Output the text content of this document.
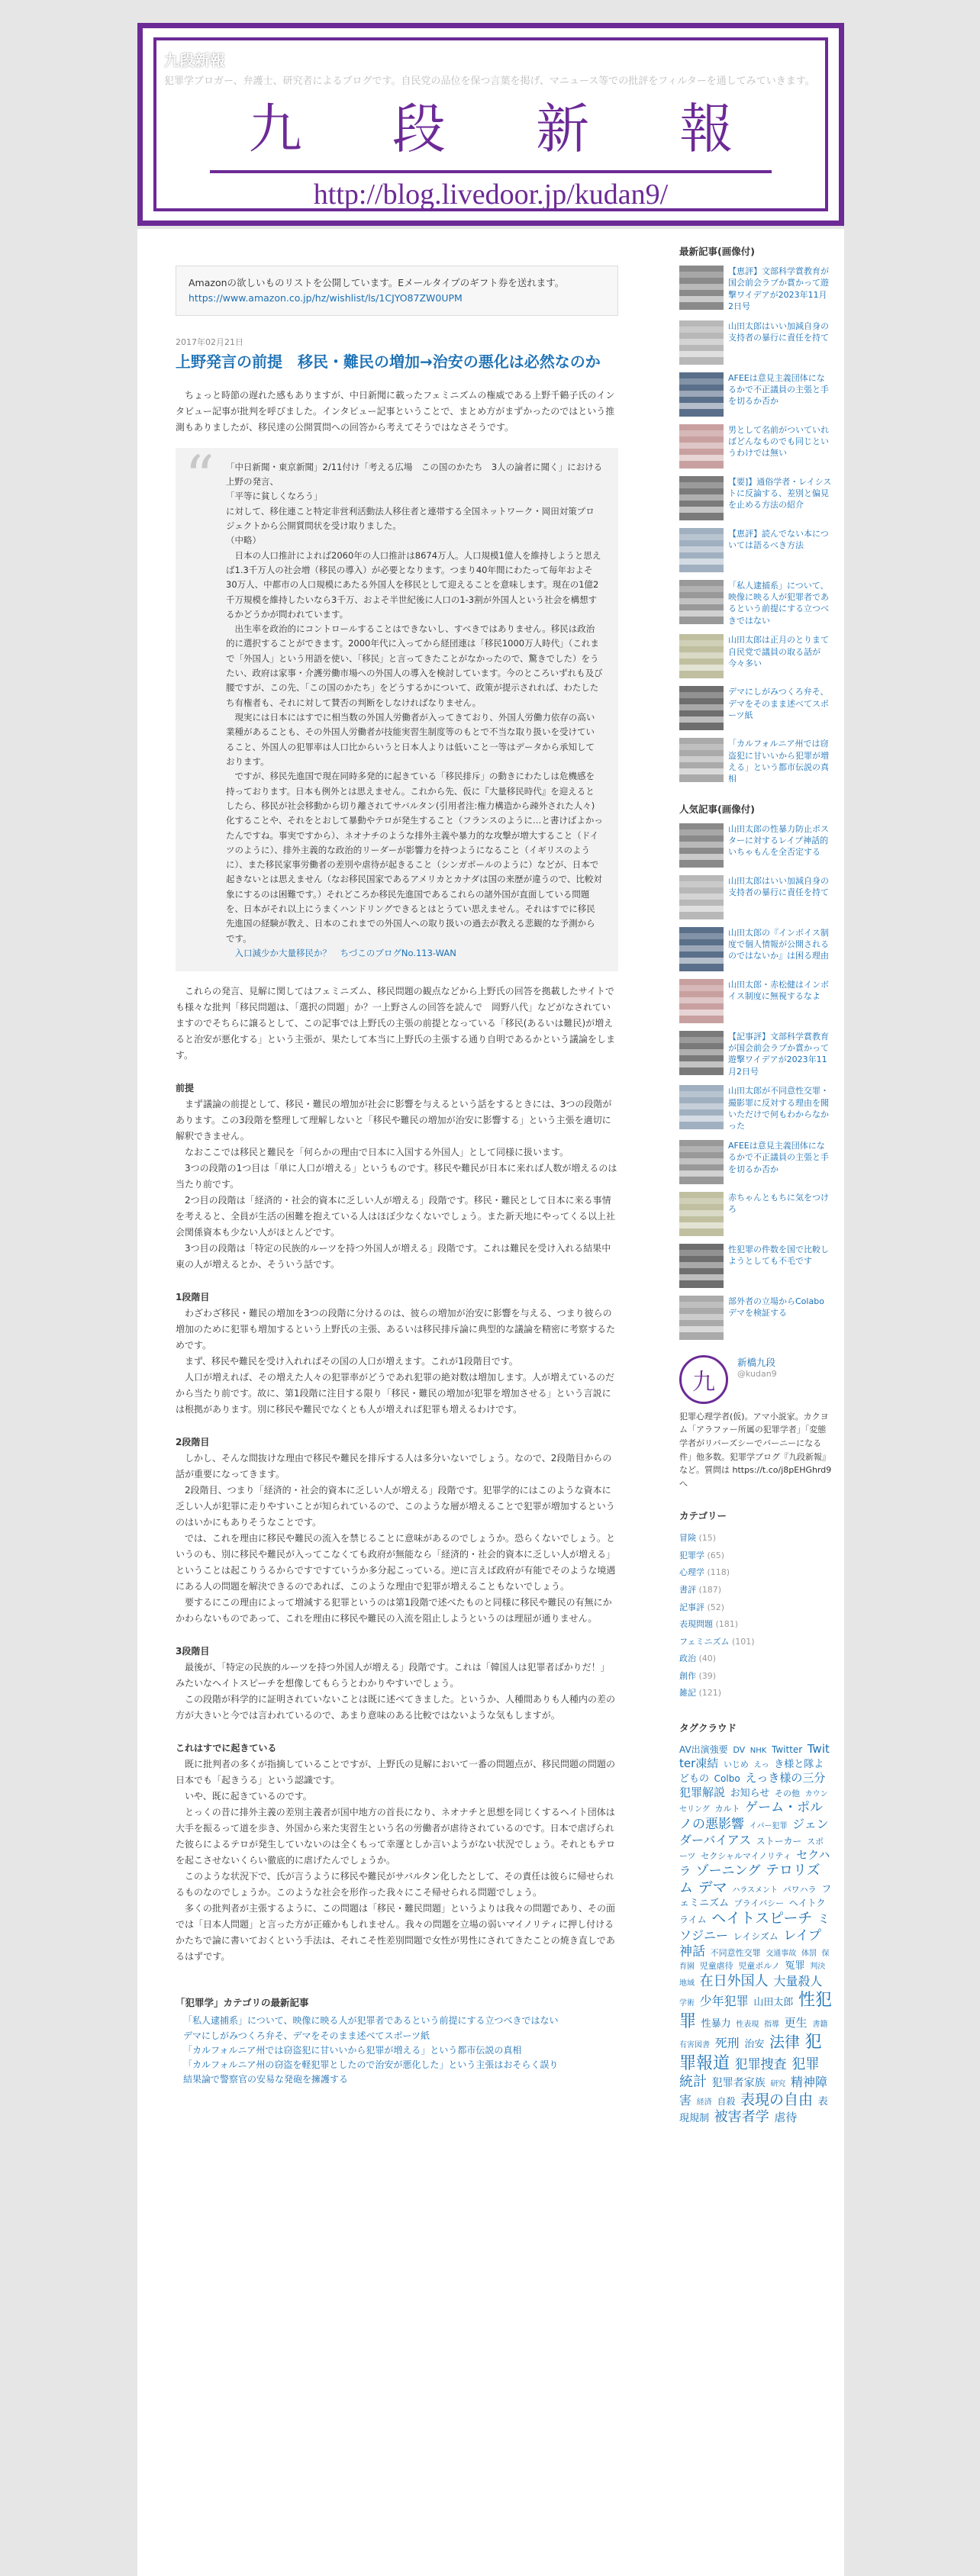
九段新報
犯罪学ブロガー、弁護士、研究者によるブログです。自民党の品位を保つ言葉を掲げ、マニュース等での批評をフィルターを通してみていきます。
九 段 新 報
http://blog.livedoor.jp/kudan9/
Amazonの欲しいものリストを公開しています。Eメールタイプのギフト券を送れます。
https://www.amazon.co.jp/hz/wishlist/ls/1CJYO87ZW0UPM
2017年02月21日
上野発言の前提　移民・難民の増加→治安の悪化は必然なのか

ちょっと時節の遅れた感もありますが、中日新聞に載ったフェミニズムの権威である上野千鶴子氏のインタビュー記事が批判を呼びました。インタビュー記事ということで、まとめ方がまずかったのではという推測もありましたが、移民達の公開質問への回答から考えてそうではなさそうです。

“ 「中日新聞・東京新聞」2/11付け「考える広場　この国のかたち　3人の論者に聞く」における上野の発言、

「平等に貧しくなろう」

に対して、移住連こと特定非営利活動法人移住者と連帯する全国ネットワーク・岡田対策プロジェクトから公開質問状を受け取りました。

（中略）

日本の人口推計によれば2060年の人口推計は8674万人。人口規模1億人を維持しようと思えば1.3千万人の社会増（移民の導入）が必要となります。つまり40年間にわたって毎年およそ30万人、中都市の人口規模にあたる外国人を移民として迎えることを意味します。現在の1億2千万規模を維持したいなら3千万、およそ半世紀後に人口の1-3割が外国人という社会を構想するかどうかが問われています。

出生率を政治的にコントロールすることはできないし、すべきではありません。移民は政治的に選択することができます。2000年代に入ってから経団連は「移民1000万人時代」（これまで「外国人」という用語を使い、「移民」と言ってきたことがなかったので、驚きでした）をうたい、政府は家事・介護労働市場への外国人の導入を検討しています。今のところいずれも及び腰ですが、この先、「この国のかたち」をどうするかについて、政策が提示されれば、わたしたち有権者も、それに対して賛否の判断をしなければなりません。

現実には日本にはすでに相当数の外国人労働者が入ってきており、外国人労働力依存の高い業種があることも、その外国人労働者が技能実習生制度等のもとで不当な取り扱いを受けていること、外国人の犯罪率は人口比からいうと日本人よりは低いこと一等はデータから承知しております。

ですが、移民先進国で現在同時多発的に起きている「移民排斥」の動きにわたしは危機感を持っております。日本も例外とは思えません。これから先、仮に『大量移民時代』を迎えるとしたら、移民が社会移動から切り離されてサバルタン(引用者注:権力構造から疎外された人々)化することや、それをとおして暴動やテロが発生すること（フランスのように…と書けばよかったんですね。事実ですから）、ネオナチのような排外主義や暴力的な攻撃が増大すること（ドイツのように）、排外主義的な政治的リーダーが影響力を持つようになること（イギリスのように）、また移民家事労働者の差別や虐待が起きること（シンガポールのように）などが、日本で起きないとは思えません（なお移民国家であるアメリカとカナダは国の来歴が違うので、比較対象にするのは困難です。）それどころか移民先進国であるこれらの諸外国が直面している問題を、日本がそれ以上にうまくハンドリングできるとはとうてい思えません。それはすでに移民先進国の経験が教え、日本のこれまでの外国人への取り扱いの過去が教える悲観的な予測からです。

入口減少か大量移民か？　ちづこのブログNo.113-WAN

これらの発言、見解に関してはフェミニズム、移民問題の観点などから上野氏の回答を拠載したサイトでも様々な批判「移民問題は、「選択の問題」か？一上野さんの回答を読んで　岡野八代」などがなされていますのでそちらに譲るとして、この記事では上野氏の主張の前提となっている「移民(あるいは難民)が増えると治安が悪化する」という主張が、果たして本当に上野氏の主張する通り自明であるかという議論をします。

前提

まず議論の前提として、移民・難民の増加が社会に影響を与えるという話をするときには、3つの段階があります。この3段階を整理して理解しないと「移民や難民の増加が治安に影響する」という主張を適切に解釈できません。

なおここでは移民と難民を「何らかの理由で日本に入国する外国人」として同様に扱います。

3つの段階の1つ目は「単に人口が増える」というものです。移民や難民が日本に来れば人数が増えるのは当たり前です。

2つ目の段階は「経済的・社会的資本に乏しい人が増える」段階です。移民・難民として日本に来る事情を考えると、全員が生活の困難を抱えている人はほぼ少なくないでしょう。また新天地にやってくる以上社会関係資本も少ない人がほとんどです。

3つ目の段階は「特定の民族的ルーツを持つ外国人が増える」段階です。これは難民を受け入れる結果中東の人が増えるとか、そういう話です。

1段階目

わざわざ移民・難民の増加を3つの段階に分けるのは、彼らの増加が治安に影響を与える、つまり彼らの増加のために犯罪も増加するという上野氏の主張、あるいは移民排斥論に典型的な議論を精密に考察するためです。

まず、移民や難民を受け入れればその国の人口が増えます。これが1段階目です。

人口が増えれば、その増えた人々の犯罪率がどうであれ犯罪の絶対数は増加します。人が増えているのだから当たり前です。故に、第1段階に注目する限り「移民・難民の増加が犯罪を増加させる」という言説には根拠があります。別に移民や難民でなくとも人が増えれば犯罪も増えるわけです。

2段階目

しかし、そんな間抜けな理由で移民や難民を排斥する人は多分いないでしょう。なので、2段階目からの話が重要になってきます。

2段階目、つまり「経済的・社会的資本に乏しい人が増える」段階です。犯罪学的にはこのような資本に乏しい人が犯罪に走りやすいことが知られているので、このような層が増えることで犯罪が増加するというのはいかにもありそうなことです。

では、これを理由に移民や難民の流入を禁じることに意味があるのでしょうか。恐らくないでしょう。というのも、別に移民や難民が入ってこなくても政府が無能なら「経済的・社会的資本に乏しい人が増える」ということは起こりうるからですですていうか多分起こっている。逆に言えば政府が有能でそのような境遇にある人の問題を解決できるのであれば、このような理由で犯罪が増えることもないでしょう。

要するにこの理由によって増減する犯罪というのは第1段階で述べたものと同様に移民や難民の有無にかかわらないものであって、これを理由に移民や難民の入流を阻止しようというのは理屈が通りません。

3段階目

最後が、「特定の民族的ルーツを持つ外国人が増える」段階です。これは「韓国人は犯罪者ばかりだ！」みたいなヘイトスピーチを想像してもらうとわかりやすいでしょう。

この段階が科学的に証明されていないことは既に述べてきました。というか、人種間ありも人種内の差の方が大きいと今では言われているので、あまり意味のある比較ではないような気もしますが。

これはすでに起きている

既に批判者の多くが指摘していることですが、上野氏の見解において一番の問題点が、移民問題の問題の日本でも「起きうる」という認識です。

いや、既に起きているのです。

とっくの昔に排外主義の差別主義者が国中地方の首長になり、ネオナチと思想を同じくするヘイト団体は大手を振るって道を歩き、外国から来た実習生という名の労働者が虐待されているのです。日本で虐げられた彼らによるテロが発生していないのは全くもって幸運としか言いようがない状況でしょう。それともテロを起こさせないくらい徹底的に虐げたんでしょうか。

このような状況下で、氏が言うように移民や難民がサバルタン化したとして、その責任は彼らに帰せられるものなのでしょうか。このような社会を形作った我々にこそ帰せられる問題でしょう。

多くの批判者が主張するように、この問題は「移民・難民問題」というよりは我々の問題であり、その面では「日本人問題」と言った方が正確かもしれません。我々の問題を立場の弱いマイノリティに押し付けるかたちで論に書いておくという手法は、それこそ性差別問題で女性が男性にされてきたことの焼き直しであるはずです。

「犯罪学」カテゴリの最新記事
「私人逮捕系」について、映像に映る人が犯罪者であるという前提にする立つべきではない
デマにしがみつくろ弁そ、デマをそのまま述べてスポーツ紙
「カルフォルニア州では窃盗犯に甘いいから犯罪が増える」という都市伝説の真相
「カルフォルニア州の窃盗を軽犯罪としたので治安が悪化した」という主張はおそらく誤り
結果論で警察官の安易な発砲を擁護する
最新記事(画像付)
【恵評】文部科学賞教育が国会前会ラブか賞かって遊撃ワイデアが2023年11月2日号
山田太郎はいい加減自身の支持者の暴行に責任を持て
AFEEは意見主義団体になるかで不正議員の主張と手を切るか否か
男として名前がついていればどんなものでも同じというわけでは無い
【要]】通俗学者・レイシストに反論する、差別と偏見を止める方法の紹介
【恵評】読んでない本については語るべき方法
「私人逮捕系」について、映像に映る人が犯罪者であるという前提にする立つべきではない
山田太郎は正月のとりまて自民党で議員の取る話が今々多い
デマにしがみつくろ弁そ、デマをそのまま述べてスポーツ紙
「カルフォルニア州では窃盗犯に甘いいから犯罪が増える」という都市伝説の真相
人気記事(画像付)
山田太郎の性暴力防止ポスターに対するレイプ神話的いちゃもんを全否定する
山田太郎はいい加減自身の支持者の暴行に責任を持て
山田太郎の『インボイス制度で個人情報が公開されるのではないか』は困る理由
山田太郎・赤松健はインボイス制度に無視するなよ
【記事評】文部科学賞教育が国会前会ラブか賞かって遊撃ワイデアが2023年11月2日号
山田太郎が不同意性交罪・撮影罪に反対する理由を聞いただけで何もわからなかった
AFEEは意見主義団体になるかで不正議員の主張と手を切るか否か
赤ちゃんともちに気をつけろ
性犯罪の件数を国で比較しようとしても不毛です
部外者の立場からColaboデマを検証する
九
新橋九段
@kudan9
犯罪心理学者(仮)。アマ小説家。カクヨム「アラファー所属の犯罪学者」「変態学者がリバーズシーでバーニーになる件」他多数。犯罪学ブログ『九段新報』など。質問は https://t.co/j8pEHGhrd9へ
カテゴリー
冒険 (15)
犯罪学 (65)
心理学 (118)
書評 (187)
記事評 (52)
表現問題 (181)
フェミニズム (101)
政治 (40)
創作 (39)
雑記 (121)
タグクラウド
AV出演強要 DV NHK Twitter Twitter凍結 いじめ えっ き様と隊よどもの Colbo えっき様の三分犯罪解説 お知らせ その他 カウンセリング カルト ゲーム・ポルノの悪影響 イパー犯罪 ジェンダーバイアス ストーカー スポーツ セクシャルマイノリティ セクハラ ゾーニング テロリズム デマ ハラスメント パワハラ フェミニズム プライバシー ヘイトクライム ヘイトスピーチ ミソジニー レイシズム レイプ神話 不同意性交罪 交通事故 体罰 保育園 児童虐待 児童ポルノ 冤罪 判決 地域 在日外国人 大量殺人 学術 少年犯罪 山田太郎 性犯罪 性暴力 性表現 指導 更生 書籍 有害図書 死刑 治安 法律 犯罪報道 犯罪捜査 犯罪統計 犯罪者家族 研究 精神障害 経済 自殺 表現の自由 表現規制 被害者学 虐待
